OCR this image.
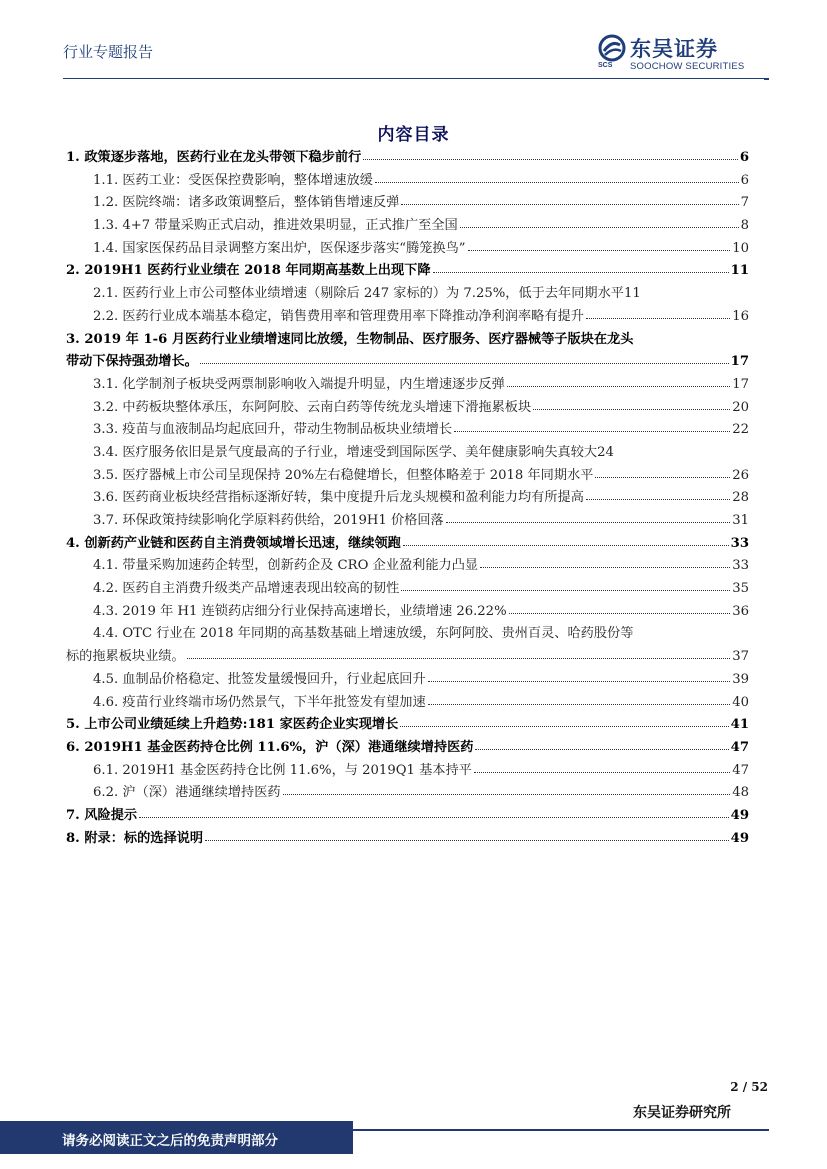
行业专题报告
SCS
东吴证券
SOOCHOW SECURITIES
内容目录
1. 政策逐步落地，医药行业在龙头带领下稳步前行	6
1.1. 医药工业：受医保控费影响，整体增速放缓	6
1.2. 医院终端：诸多政策调整后，整体销售增速反弹	7
1.3. 4+7 带量采购正式启动，推进效果明显，正式推广至全国	8
1.4. 国家医保药品目录调整方案出炉，医保逐步落实“腾笼换鸟”	10
2. 2019H1 医药行业业绩在 2018 年同期高基数上出现下降	11
2.1. 医药行业上市公司整体业绩增速（剔除后 247 家标的）为 7.25%，低于去年同期水平 11
2.2. 医药行业成本端基本稳定，销售费用率和管理费用率下降推动净利润率略有提升	16
3. 2019 年 1-6 月医药行业业绩增速同比放缓，生物制品、医疗服务、医疗器械等子版块在龙头
带动下保持强劲增长。	17
3.1. 化学制剂子板块受两票制影响收入端提升明显，内生增速逐步反弹	17
3.2. 中药板块整体承压，东阿阿胶、云南白药等传统龙头增速下滑拖累板块	20
3.3. 疫苗与血液制品均起底回升，带动生物制品板块业绩增长	22
3.4. 医疗服务依旧是景气度最高的子行业，增速受到国际医学、美年健康影响失真较大 24
3.5. 医疗器械上市公司呈现保持 20%左右稳健增长，但整体略差于 2018 年同期水平	26
3.6. 医药商业板块经营指标逐渐好转，集中度提升后龙头规模和盈利能力均有所提高	28
3.7. 环保政策持续影响化学原料药供给，2019H1 价格回落	31
4. 创新药产业链和医药自主消费领域增长迅速，继续领跑	33
4.1. 带量采购加速药企转型，创新药企及 CRO 企业盈利能力凸显	33
4.2. 医药自主消费升级类产品增速表现出较高的韧性	35
4.3. 2019 年 H1 连锁药店细分行业保持高速增长，业绩增速 26.22%	36
4.4. OTC 行业在 2018 年同期的高基数基础上增速放缓，东阿阿胶、贵州百灵、哈药股份等
标的拖累板块业绩。	37
4.5. 血制品价格稳定、批签发量缓慢回升，行业起底回升	39
4.6. 疫苗行业终端市场仍然景气，下半年批签发有望加速	40
5. 上市公司业绩延续上升趋势:181 家医药企业实现增长	41
6. 2019H1 基金医药持仓比例 11.6%，沪（深）港通继续增持医药	47
6.1. 2019H1 基金医药持仓比例 11.6%，与 2019Q1 基本持平	47
6.2. 沪（深）港通继续增持医药	48
7. 风险提示	49
8. 附录：标的选择说明	49
2 / 52
东吴证券研究所
请务必阅读正文之后的免责声明部分
